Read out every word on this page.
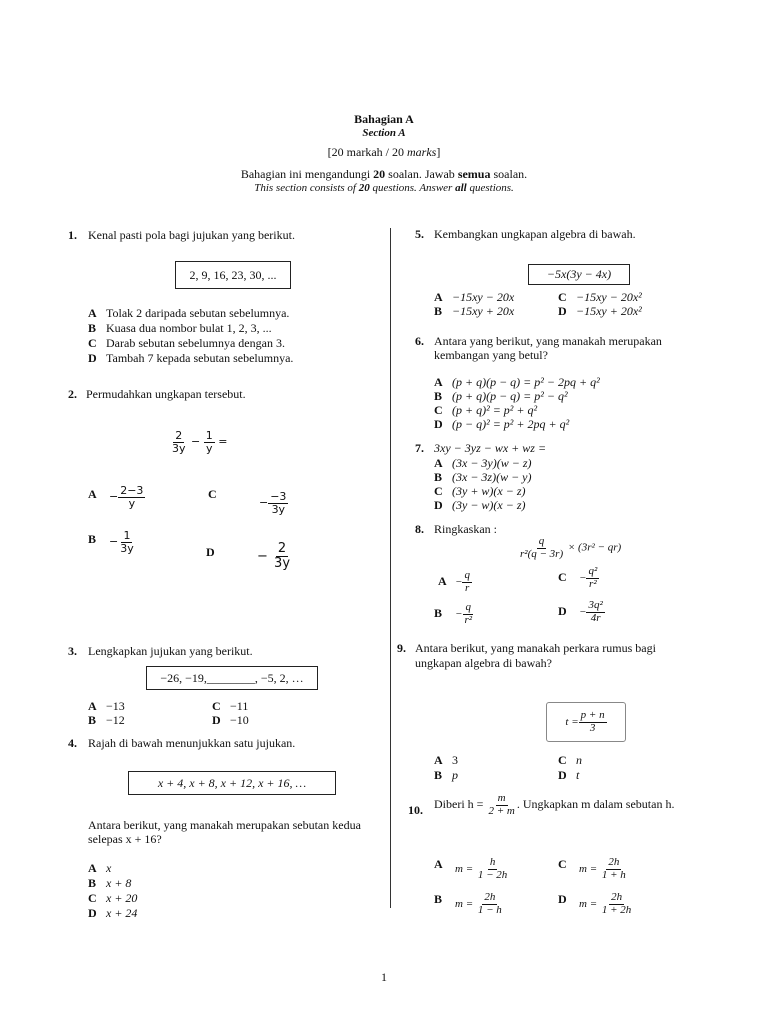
Bahagian A
Section A
[20 markah / 20 marks]
Bahagian ini mengandungi 20 soalan. Jawab semua soalan.
This section consists of 20 questions. Answer all questions.
1. Kenal pasti pola bagi jujukan yang berikut.
2, 9, 16, 23, 30, ...
A Tolak 2 daripada sebutan sebelumnya.
B Kuasa dua nombor bulat 1, 2, 3, ...
C Darab sebutan sebelumnya dengan 3.
D Tambah 7 kepada sebutan sebelumnya.
2. Permudahkan ungkapan tersebut.
$\frac{2}{3y} - \frac{1}{y}$ =
$A - \frac{2-3}{y}$
$B - \frac{1}{3y}$
$C - \frac{-3}{3y}$
D	− $\frac{2}{3y}$
3. Lengkapkan jujukan yang berikut.
−26, −19,________, −5, 2, …
A −13
B −12
C −11
D −10
4. Rajah di bawah menunjukkan satu jujukan.
x + 4, x + 8, x + 12, x + 16, …
Antara berikut, yang manakah merupakan sebutan kedua
selepas x + 16?
A x
B x + 8
C x + 20
D x + 24
5. Kembangkan ungkapan algebra di bawah.
−5x(3y − 4x)
A −15xy − 20x
B −15xy + 20x
C −15xy − 20x²
D −15xy + 20x²
6. Antara yang berikut, yang manakah merupakan
kembangan yang betul?
A (p + q)(p − q) = p² − 2pq + q²
B (p + q)(p − q) = p² − q²
C (p + q)² = p² + q²
D (p − q)² = p² + 2pq + q²
7. 3xy − 3yz − wx + wz =
A (3x − 3y)(w − z)
B (3x − 3z)(w − y)
C (3y + w)(x − z)
D (3y − w)(x − z)
8. Ringkaskan :
$\frac{q}{\text{r²(q − 3r)}} \times (3r^2 - qr)$
$A - \frac{q}{r}$
$B - \frac{q}{\text{r²}}$
$C - \frac{\text{q²}}{\text{r²}}$
$D - \frac{\text{3q²}}{4r}$
9. Antara berikut, yang manakah perkara rumus bagi
ungkapan algebra di bawah?
$t = \frac{p + n}{3}$
A 3
B p
C n
D t
10. Diberi $h = \frac{m}{2 + m}$ . Ungkapkan m dalam sebutan h.
A $m = \frac{h}{1 - 2h}$
B $m = \frac{2h}{1 - h}$
C $m = \frac{2h}{1 + h}$
D $m = \frac{2h}{1 + 2h}$
1
